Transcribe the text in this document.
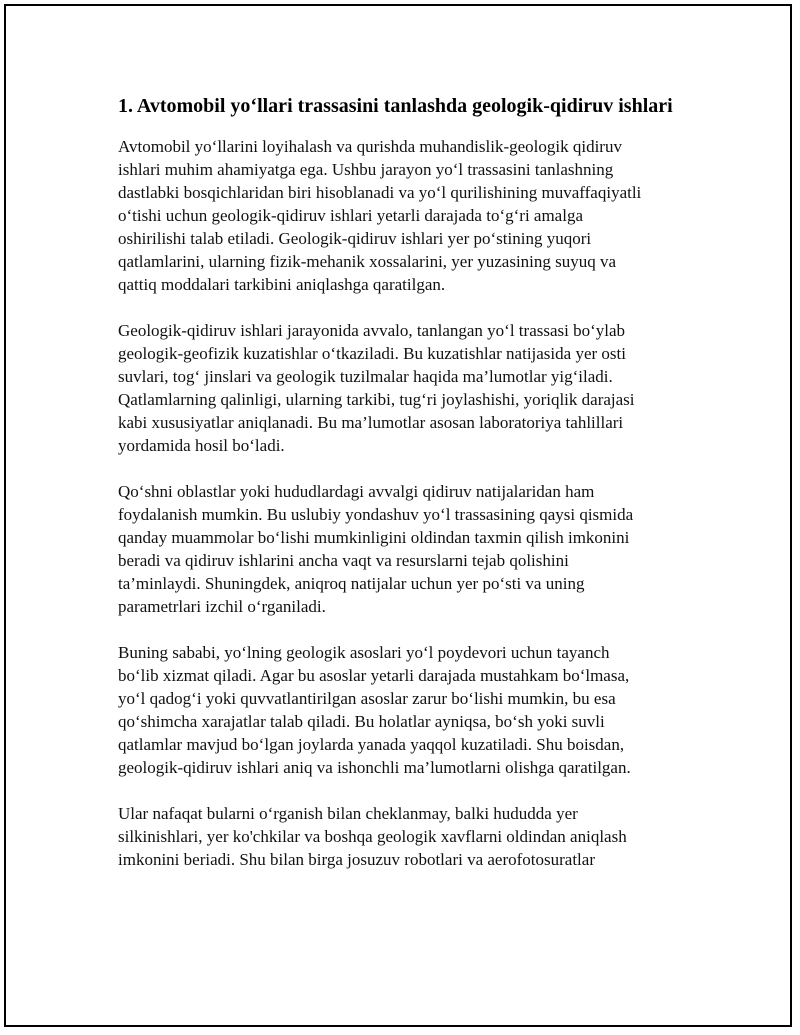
1. Avtomobil yo‘llari trassasini tanlashda geologik-qidiruv ishlari

Avtomobil yo‘llarini loyihalash va qurishda muhandislik-geologik qidiruv
ishlari muhim ahamiyatga ega. Ushbu jarayon yo‘l trassasini tanlashning
dastlabki bosqichlaridan biri hisoblanadi va yo‘l qurilishining muvaffaqiyatli
o‘tishi uchun geologik-qidiruv ishlari yetarli darajada to‘g‘ri amalga
oshirilishi talab etiladi. Geologik-qidiruv ishlari yer po‘stining yuqori
qatlamlarini, ularning fizik-mehanik xossalarini, yer yuzasining suyuq va
qattiq moddalari tarkibini aniqlashga qaratilgan.

Geologik-qidiruv ishlari jarayonida avvalo, tanlangan yo‘l trassasi bo‘ylab
geologik-geofizik kuzatishlar o‘tkaziladi. Bu kuzatishlar natijasida yer osti
suvlari, tog‘ jinslari va geologik tuzilmalar haqida ma’lumotlar yig‘iladi.
Qatlamlarning qalinligi, ularning tarkibi, tug‘ri joylashishi, yoriqlik darajasi
kabi xususiyatlar aniqlanadi. Bu ma’lumotlar asosan laboratoriya tahlillari
yordamida hosil bo‘ladi.

Qo‘shni oblastlar yoki hududlardagi avvalgi qidiruv natijalaridan ham
foydalanish mumkin. Bu uslubiy yondashuv yo‘l trassasining qaysi qismida
qanday muammolar bo‘lishi mumkinligini oldindan taxmin qilish imkonini
beradi va qidiruv ishlarini ancha vaqt va resurslarni tejab qolishini
ta’minlaydi. Shuningdek, aniqroq natijalar uchun yer po‘sti va uning
parametrlari izchil o‘rganiladi.

Buning sababi, yo‘lning geologik asoslari yo‘l poydevori uchun tayanch
bo‘lib xizmat qiladi. Agar bu asoslar yetarli darajada mustahkam bo‘lmasa,
yo‘l qadog‘i yoki quvvatlantirilgan asoslar zarur bo‘lishi mumkin, bu esa
qo‘shimcha xarajatlar talab qiladi. Bu holatlar ayniqsa, bo‘sh yoki suvli
qatlamlar mavjud bo‘lgan joylarda yanada yaqqol kuzatiladi. Shu boisdan,
geologik-qidiruv ishlari aniq va ishonchli ma’lumotlarni olishga qaratilgan.

Ular nafaqat bularni o‘rganish bilan cheklanmay, balki hududda yer
silkinishlari, yer ko'chkilar va boshqa geologik xavflarni oldindan aniqlash
imkonini beriadi. Shu bilan birga josuzuv robotlari va aerofotosuratlar
